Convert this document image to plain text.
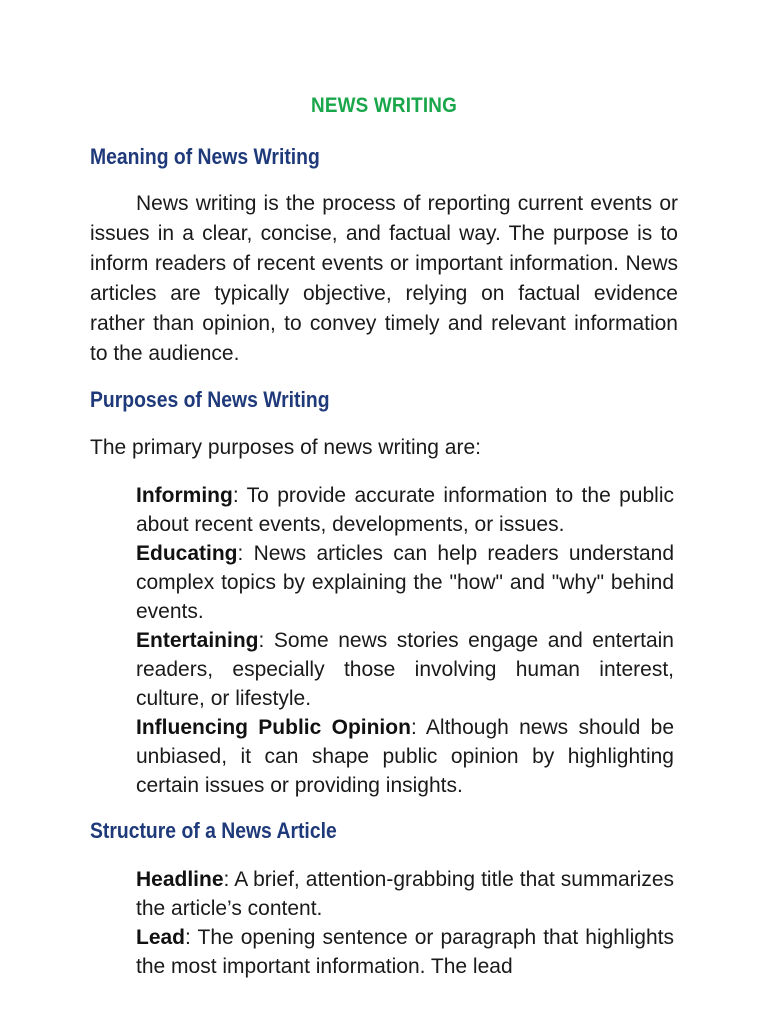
NEWS WRITING
Meaning of News Writing

News writing is the process of reporting current events or issues in a clear, concise, and factual way. The purpose is to inform readers of recent events or important information. News articles are typically objective, relying on factual evidence rather than opinion, to convey timely and relevant information to the audience.

Purposes of News Writing

The primary purposes of news writing are:

Informing: To provide accurate information to the public about recent events, developments, or issues.
Educating: News articles can help readers understand complex topics by explaining the "how" and "why" behind events.
Entertaining: Some news stories engage and entertain readers, especially those involving human interest, culture, or lifestyle.
Influencing Public Opinion: Although news should be unbiased, it can shape public opinion by highlighting certain issues or providing insights.
Structure of a News Article
Headline: A brief, attention-grabbing title that summarizes the article’s content.
Lead: The opening sentence or paragraph that highlights the most important information. The lead
